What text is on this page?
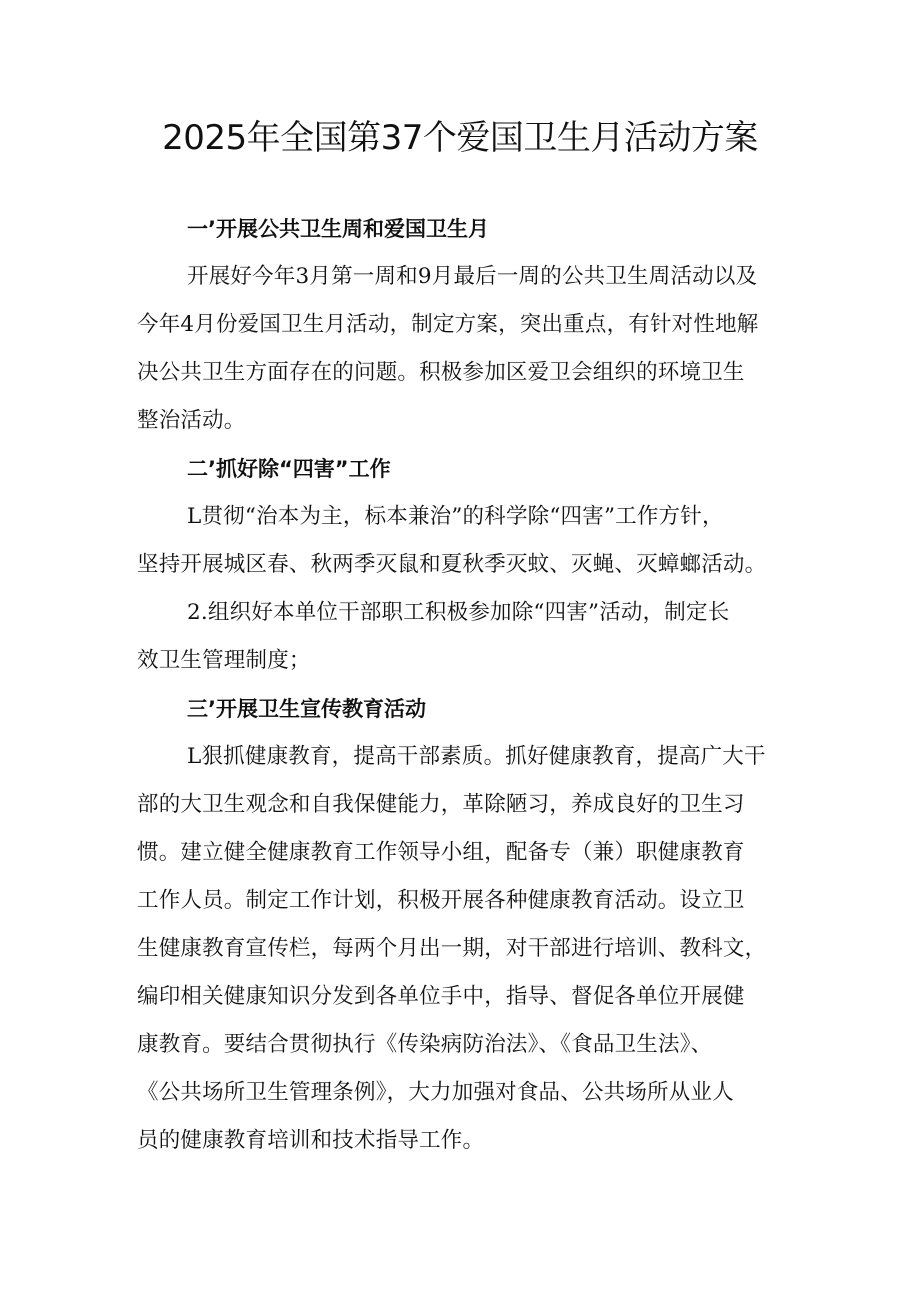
2025年全国第37个爱国卫生月活动方案
一’开展公共卫生周和爱国卫生月

开展好今年3月第一周和9月最后一周的公共卫生周活动以及
今年4月份爱国卫生月活动，制定方案，突出重点，有针对性地解
决公共卫生方面存在的问题。积极参加区爱卫会组织的环境卫生
整治活动。

二’抓好除“四害”工作

L贯彻“治本为主，标本兼治”的科学除“四害”工作方针，
坚持开展城区春、秋两季灭鼠和夏秋季灭蚊、灭蝇、灭蟑螂活动。

2.组织好本单位干部职工积极参加除“四害”活动，制定长
效卫生管理制度；

三’开展卫生宣传教育活动

L狠抓健康教育，提高干部素质。抓好健康教育，提高广大干
部的大卫生观念和自我保健能力，革除陋习，养成良好的卫生习
惯。建立健全健康教育工作领导小组，配备专（兼）职健康教育
工作人员。制定工作计划，积极开展各种健康教育活动。设立卫
生健康教育宣传栏，每两个月出一期，对干部进行培训、教科文，
编印相关健康知识分发到各单位手中，指导、督促各单位开展健
康教育。要结合贯彻执行《传染病防治法》、《食品卫生法》、
《公共场所卫生管理条例》，大力加强对食品、公共场所从业人
员的健康教育培训和技术指导工作。
